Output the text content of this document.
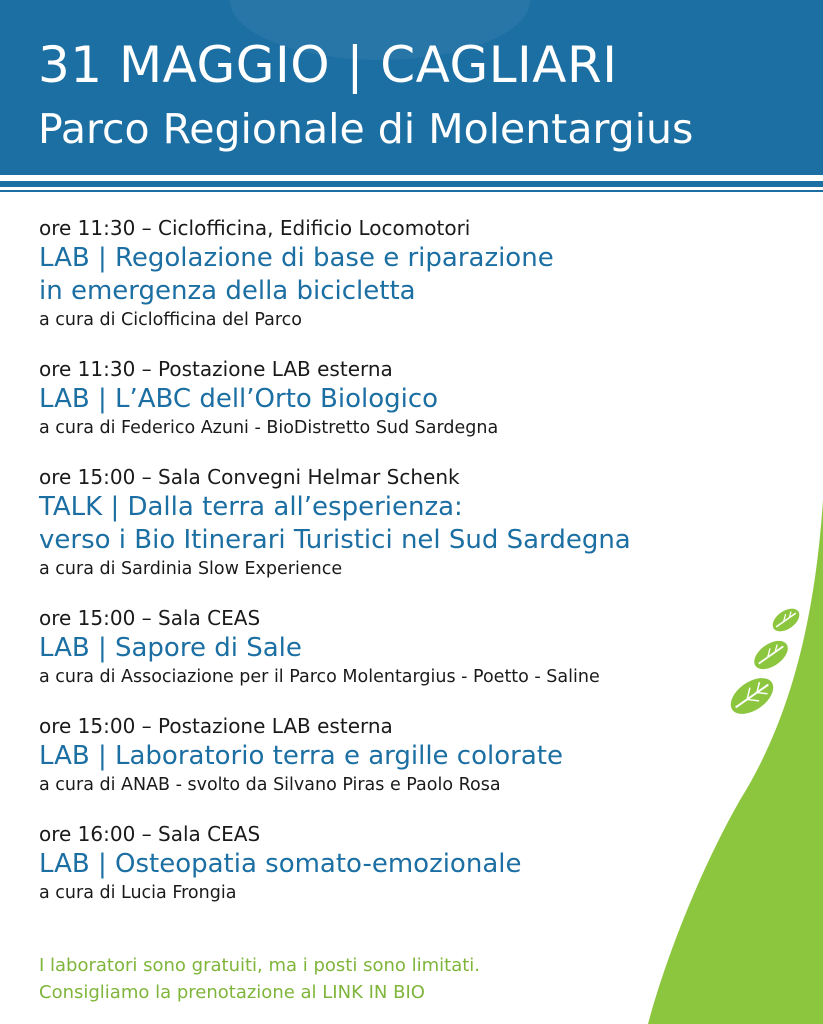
31 MAGGIO | CAGLIARI
Parco Regionale di Molentargius
ore 11:30 – Ciclofficina, Edificio Locomotori
LAB | Regolazione di base e riparazione
in emergenza della bicicletta
a cura di Ciclofficina del Parco
ore 11:30 – Postazione LAB esterna
LAB | L’ABC dell’Orto Biologico
a cura di Federico Azuni - BioDistretto Sud Sardegna
ore 15:00 – Sala Convegni Helmar Schenk
TALK | Dalla terra all’esperienza:
verso i Bio Itinerari Turistici nel Sud Sardegna
a cura di Sardinia Slow Experience
ore 15:00 – Sala CEAS
LAB | Sapore di Sale
a cura di Associazione per il Parco Molentargius - Poetto - Saline
ore 15:00 – Postazione LAB esterna
LAB | Laboratorio terra e argille colorate
a cura di ANAB - svolto da Silvano Piras e Paolo Rosa
ore 16:00 – Sala CEAS
LAB | Osteopatia somato-emozionale
a cura di Lucia Frongia
I laboratori sono gratuiti, ma i posti sono limitati.
Consigliamo la prenotazione al LINK IN BIO
